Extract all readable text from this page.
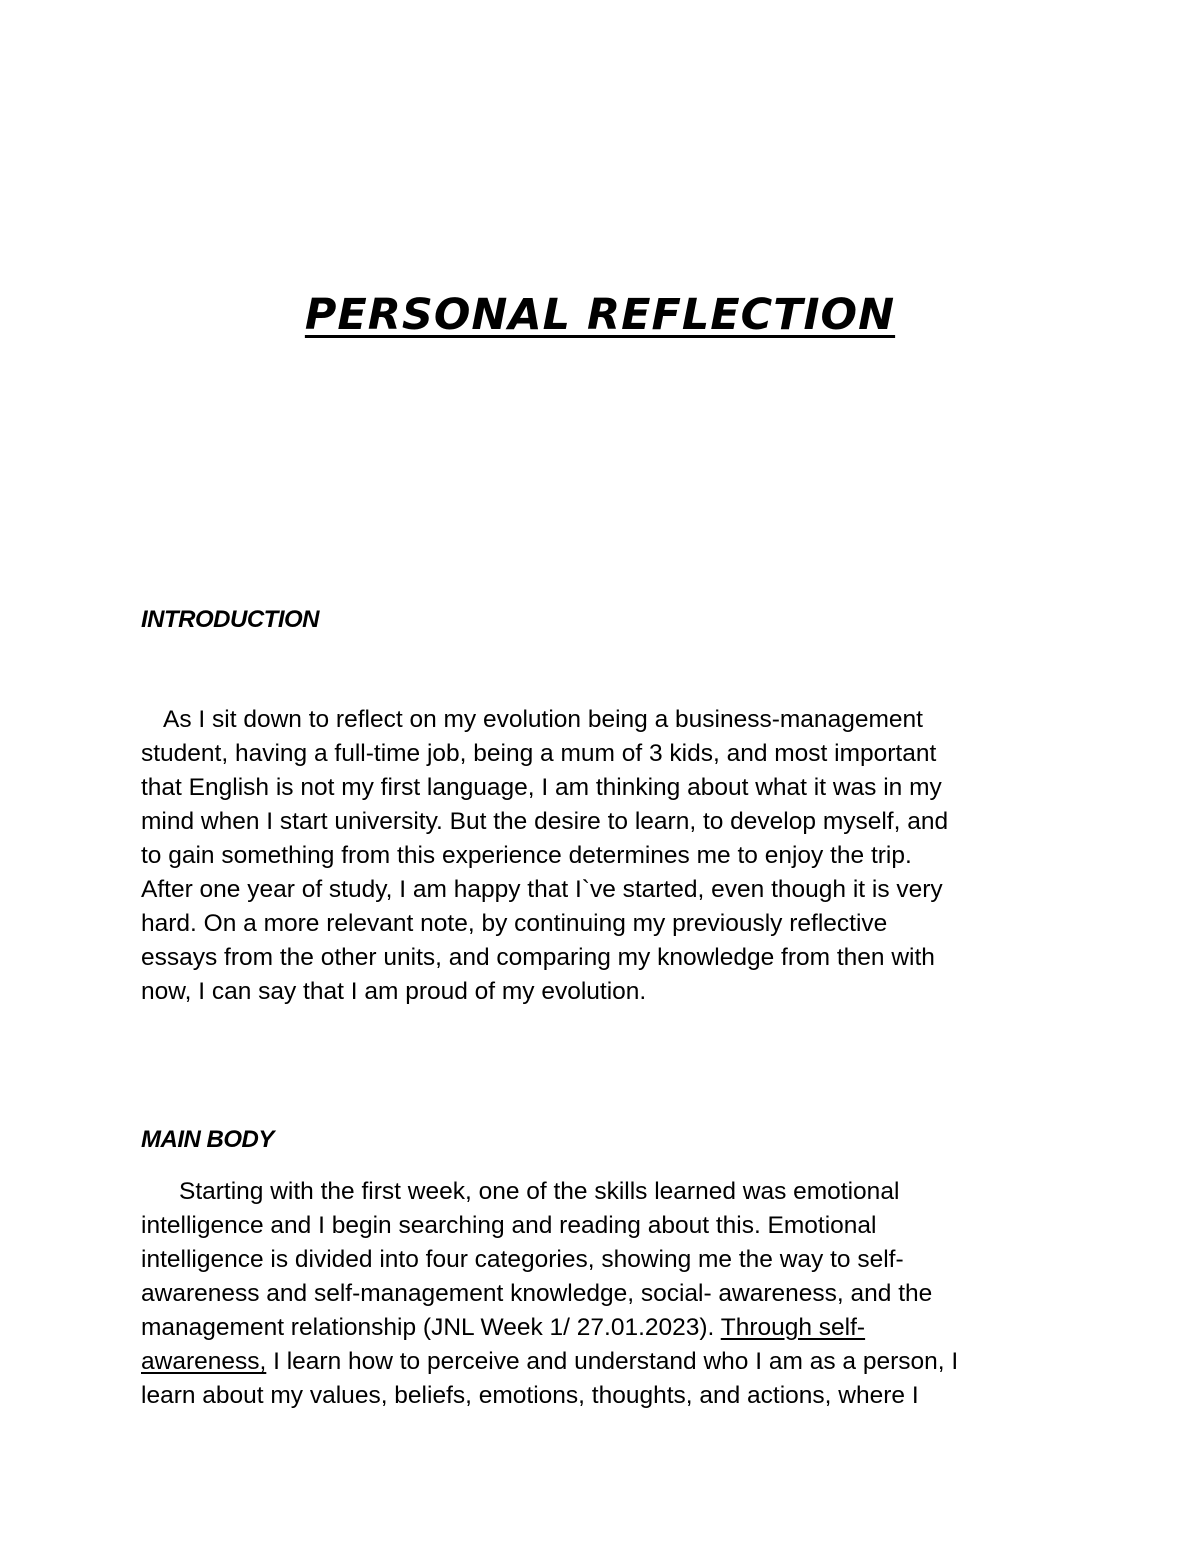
PERSONAL REFLECTION
INTRODUCTION
As I sit down to reflect on my evolution being a business-management
student, having a full-time job, being a mum of 3 kids, and most important
that English is not my first language, I am thinking about what it was in my
mind when I start university. But the desire to learn, to develop myself, and
to gain something from this experience determines me to enjoy the trip.
After one year of study, I am happy that I`ve started, even though it is very
hard. On a more relevant note, by continuing my previously reflective
essays from the other units, and comparing my knowledge from then with
now, I can say that I am proud of my evolution.
MAIN BODY
Starting with the first week, one of the skills learned was emotional
intelligence and I begin searching and reading about this. Emotional
intelligence is divided into four categories, showing me the way to self-
awareness and self-management knowledge, social- awareness, and the
management relationship (JNL Week 1/ 27.01.2023). Through self-
awareness, I learn how to perceive and understand who I am as a person, I
learn about my values, beliefs, emotions, thoughts, and actions, where I
